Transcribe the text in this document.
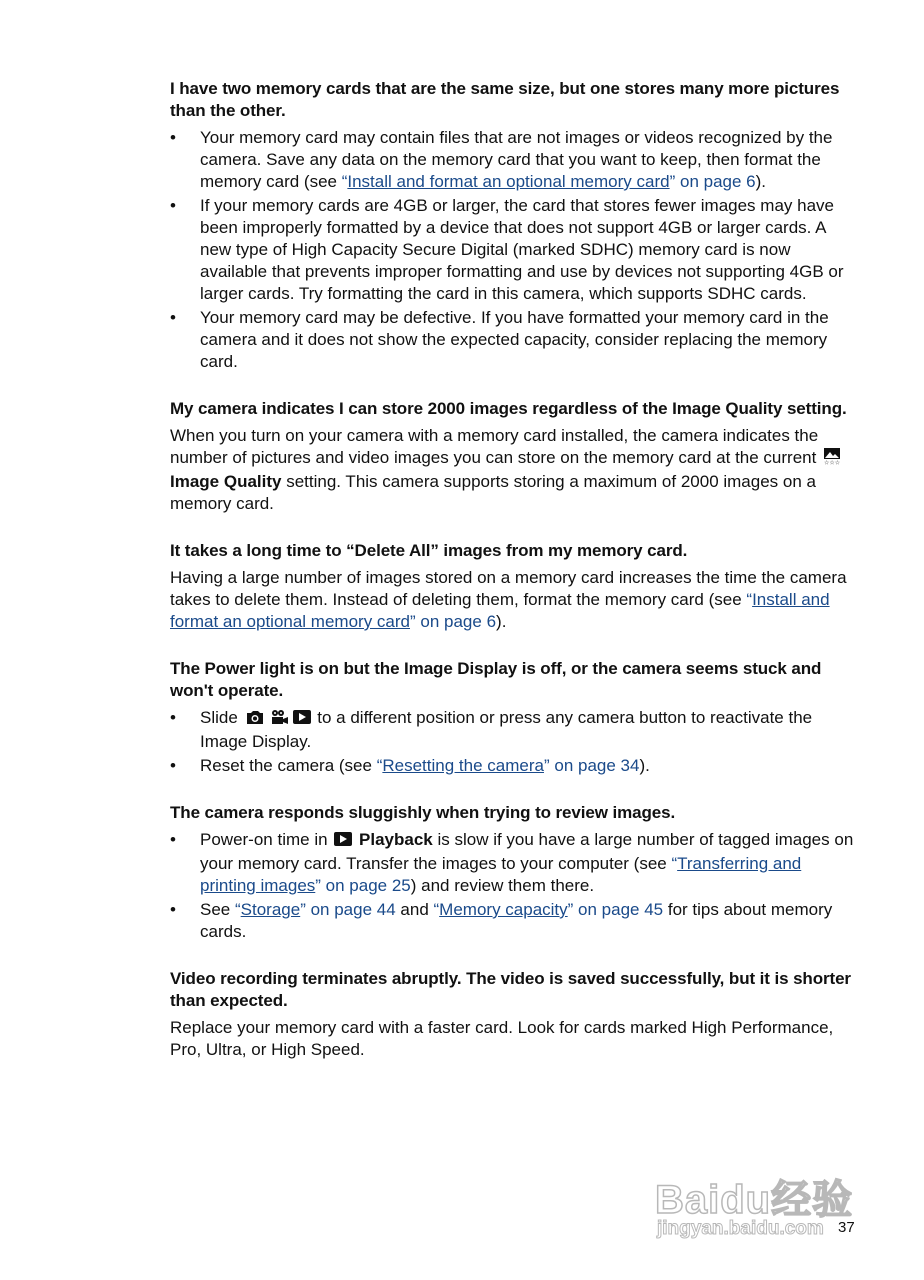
I have two memory cards that are the same size, but one stores many more pictures than the other.

• Your memory card may contain files that are not images or videos recognized by the camera. Save any data on the memory card that you want to keep, then format the memory card (see “Install and format an optional memory card” on page 6).
• If your memory cards are 4GB or larger, the card that stores fewer images may have been improperly formatted by a device that does not support 4GB or larger cards. A new type of High Capacity Secure Digital (marked SDHC) memory card is now available that prevents improper formatting and use by devices not supporting 4GB or larger cards. Try formatting the card in this camera, which supports SDHC cards.
• Your memory card may be defective. If you have formatted your memory card in the camera and it does not show the expected capacity, consider replacing the memory card.

My camera indicates I can store 2000 images regardless of the Image Quality setting.

When you turn on your camera with a memory card installed, the camera indicates the number of pictures and video images you can store on the memory card at the current ☆☆☆
Image Quality setting. This camera supports storing a maximum of 2000 images on a memory card.

It takes a long time to “Delete All” images from my memory card.

Having a large number of images stored on a memory card increases the time the camera takes to delete them. Instead of deleting them, format the memory card (see “Install and format an optional memory card” on page 6).

The Power light is on but the Image Display is off, or the camera seems stuck and won't operate.

• Slide	to a different position or press any camera button to reactivate the Image Display.
• Reset the camera (see “Resetting the camera” on page 34).

The camera responds sluggishly when trying to review images.

• Power-on time in  Playback is slow if you have a large number of tagged images on your memory card. Transfer the images to your computer (see “Transferring and printing images” on page 25) and review them there.
• See “Storage” on page 44 and “Memory capacity” on page 45 for tips about memory cards.

Video recording terminates abruptly. The video is saved successfully, but it is shorter than expected.

Replace your memory card with a faster card. Look for cards marked High Performance, Pro, Ultra, or High Speed.

Baidu经验
jingyan.baidu.com 37
